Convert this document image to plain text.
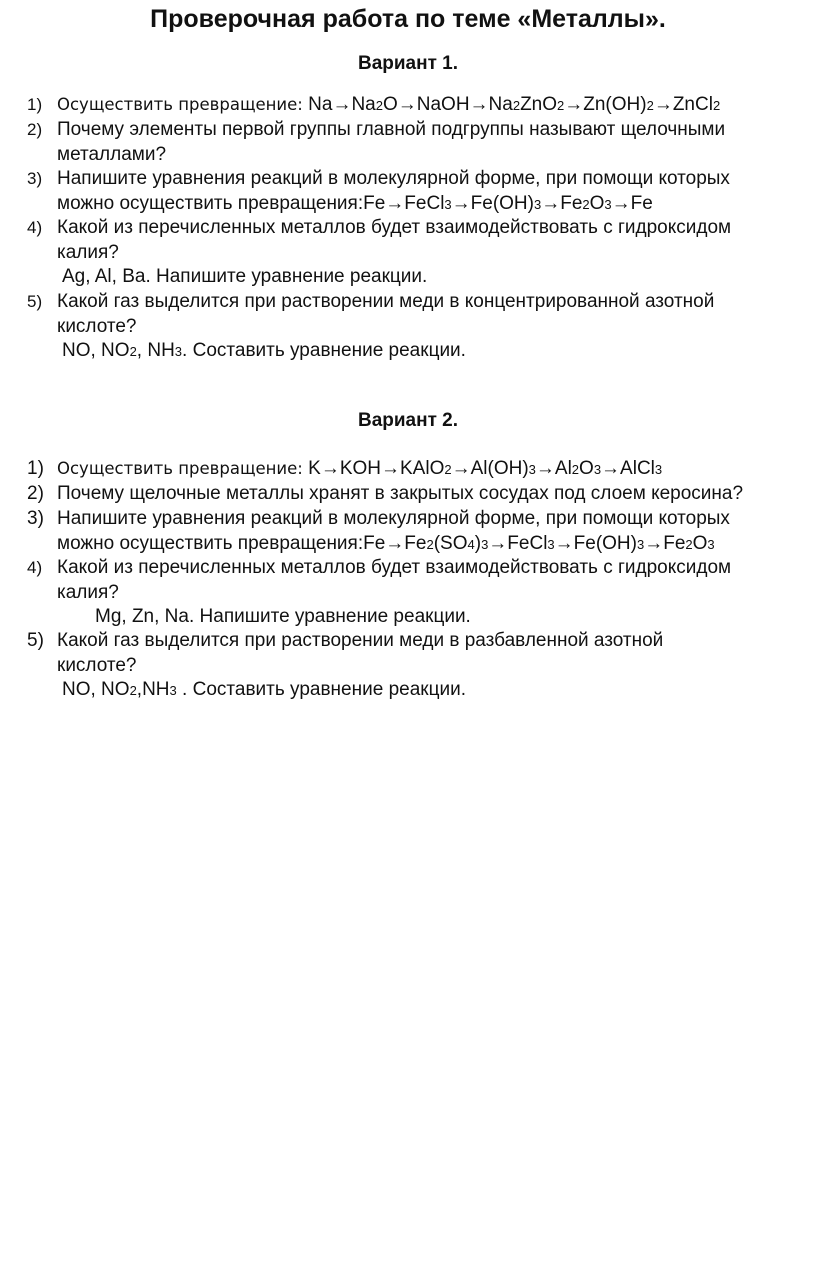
Проверочная работа по теме «Металлы».
Вариант 1.
1) Осуществить превращение: Na→Na2O→NaOH→Na2ZnO2→Zn(OH)2→ZnCl2
2) Почему элементы первой группы главной подгруппы называют щелочными
металлами?
3) Напишите уравнения реакций в молекулярной форме, при помощи которых
можно осуществить превращения:Fe→FeCl3→Fe(OH)3→Fe2O3→Fe
4) Какой из перечисленных металлов будет взаимодействовать с гидроксидом
калия?
Ag, Al, Ba. Напишите уравнение реакции.
5) Какой газ выделится при растворении меди в концентрированной азотной
кислоте?
NO, NO2, NH3. Составить уравнение реакции.
Вариант 2.
1) Осуществить превращение: K→KOH→KAlO2→Al(OH)3→Al2O3→AlCl3
2) Почему щелочные металлы хранят в закрытых сосудах под слоем керосина?
3) Напишите уравнения реакций в молекулярной форме, при помощи которых
можно осуществить превращения:Fe→Fe2(SO4)3→FeCl3→Fe(OH)3→Fe2O3
4) Какой из перечисленных металлов будет взаимодействовать с гидроксидом
калия?
Mg, Zn, Na. Напишите уравнение реакции.
5) Какой газ выделится при растворении меди в разбавленной азотной
кислоте?
NO, NO2,NH3 . Составить уравнение реакции.
